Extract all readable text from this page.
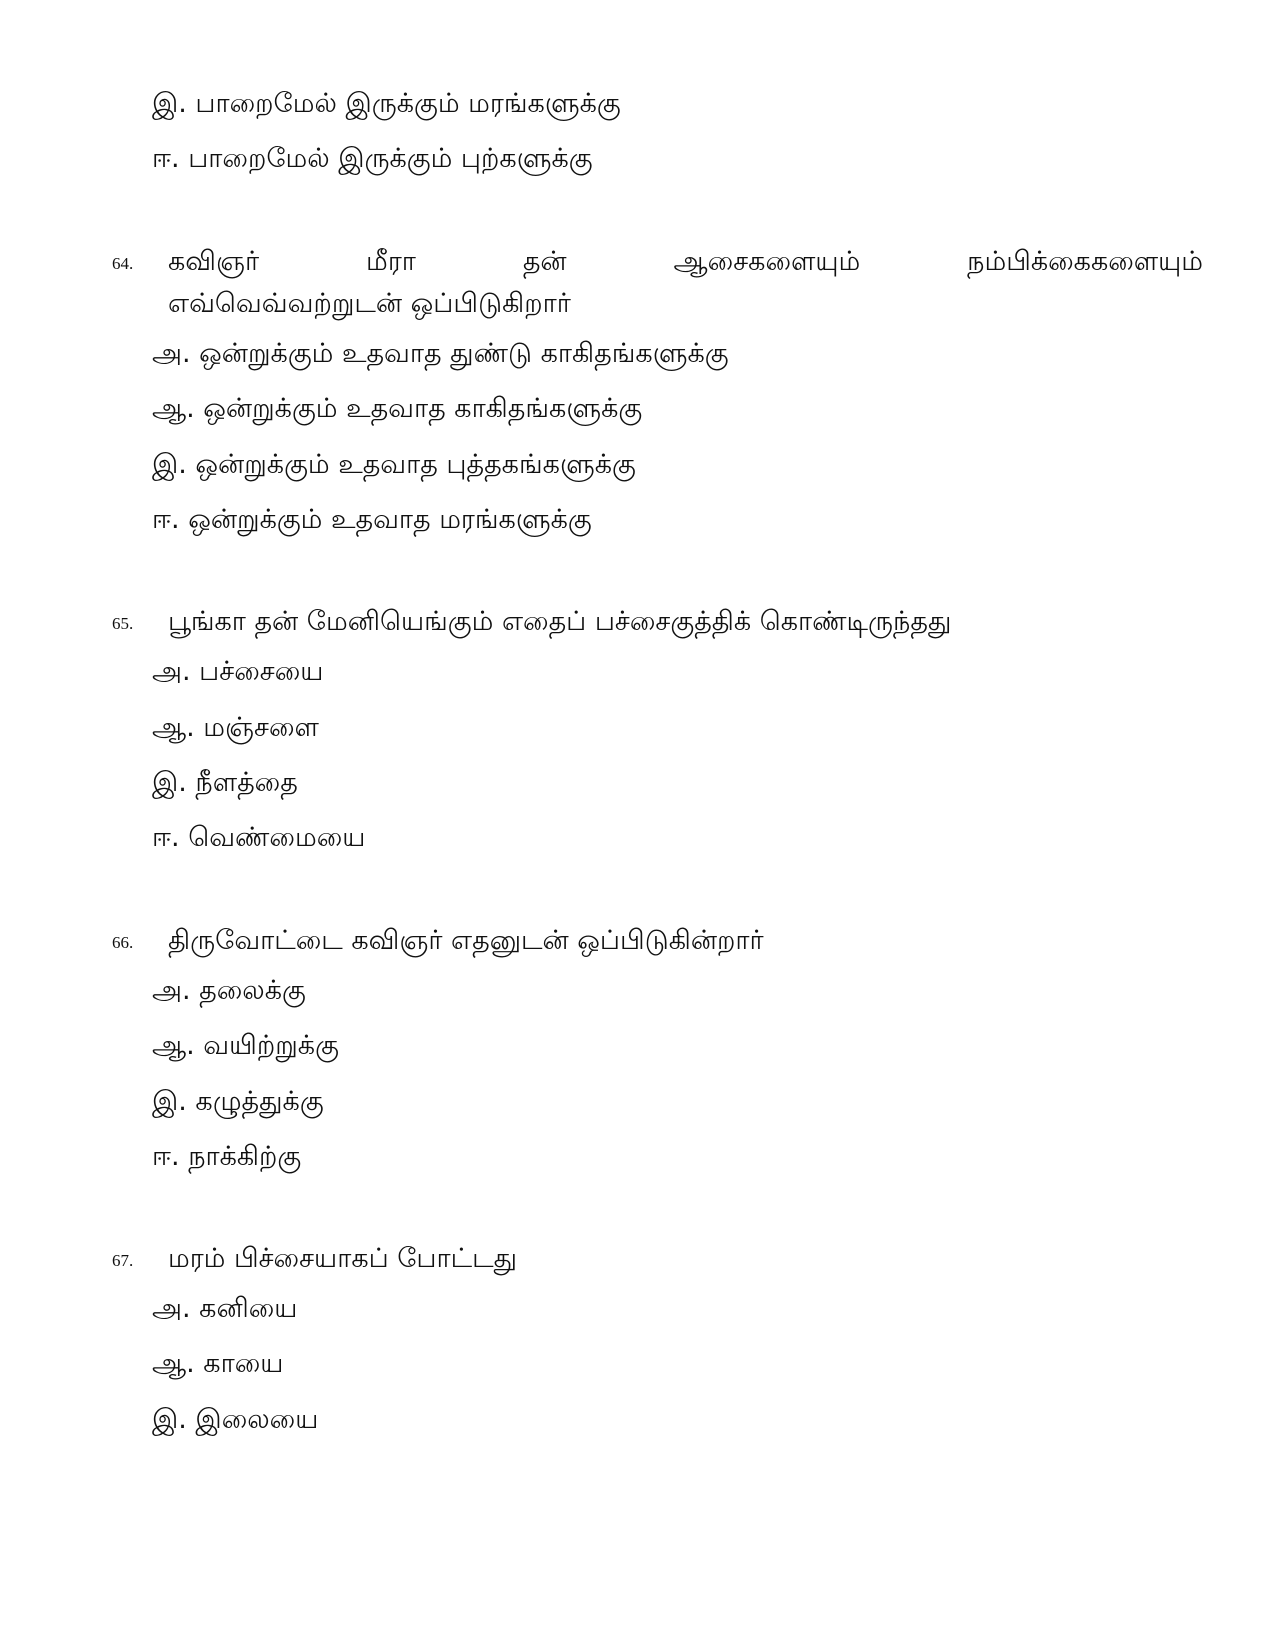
இ. பாறைமேல் இருக்கும் மரங்களுக்கு
ஈ. பாறைமேல் இருக்கும் புற்களுக்கு
64. கவிஞர்	மீரா	தன்	ஆசைகளையும்	நம்பிக்கைகளையும்
எவ்வெவ்வற்றுடன் ஒப்பிடுகிறார்
அ. ஒன்றுக்கும் உதவாத துண்டு காகிதங்களுக்கு
ஆ. ஒன்றுக்கும் உதவாத காகிதங்களுக்கு
இ. ஒன்றுக்கும் உதவாத புத்தகங்களுக்கு
ஈ. ஒன்றுக்கும் உதவாத மரங்களுக்கு
65. பூங்கா தன் மேனியெங்கும் எதைப் பச்சைகுத்திக் கொண்டிருந்தது
அ. பச்சையை
ஆ. மஞ்சளை
இ. நீளத்தை
ஈ. வெண்மையை
66. திருவோட்டை கவிஞர் எதனுடன் ஒப்பிடுகின்றார்
அ. தலைக்கு
ஆ. வயிற்றுக்கு
இ. கழுத்துக்கு
ஈ. நாக்கிற்கு
67. மரம் பிச்சையாகப் போட்டது
அ. கனியை
ஆ. காயை
இ. இலையை
